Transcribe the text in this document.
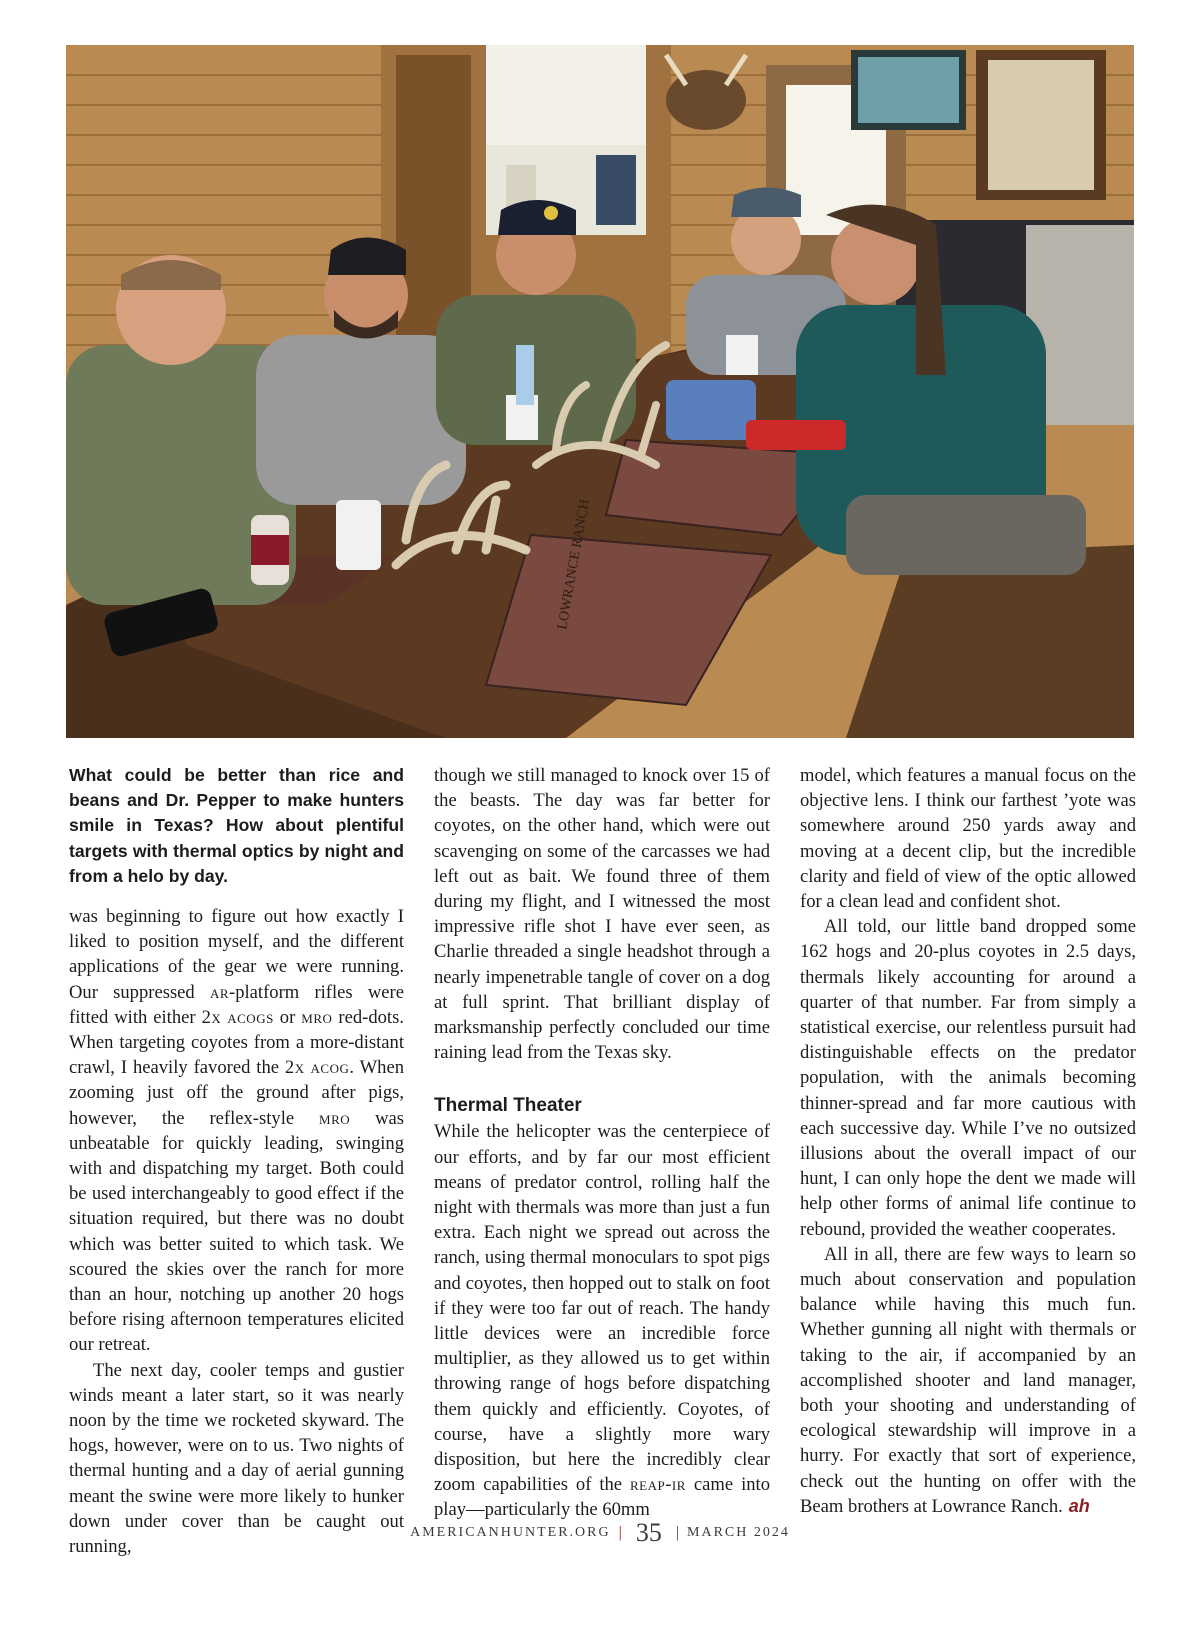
LOWRANCE RANCH

What could be better than rice and beans and Dr. Pepper to make hunters smile in Texas? How about plentiful targets with thermal optics by night and from a helo by day.

was beginning to figure out how exactly I liked to position myself, and the different applications of the gear we were running. Our suppressed ar-platform rifles were fitted with either 2x acogs or mro red-dots. When targeting coyotes from a more-distant crawl, I heavily favored the 2x acog. When zooming just off the ground after pigs, however, the reflex-style mro was unbeatable for quickly leading, swinging with and dispatching my target. Both could be used interchangeably to good effect if the situation required, but there was no doubt which was better suited to which task. We scoured the skies over the ranch for more than an hour, notching up another 20 hogs before rising afternoon temperatures elicited our retreat.

The next day, cooler temps and gustier winds meant a later start, so it was nearly noon by the time we rocketed skyward. The hogs, however, were on to us. Two nights of thermal hunting and a day of aerial gunning meant the swine were more likely to hunker down under cover than be caught out running,

though we still managed to knock over 15 of the beasts. The day was far better for coyotes, on the other hand, which were out scavenging on some of the carcasses we had left out as bait. We found three of them during my flight, and I witnessed the most impressive rifle shot I have ever seen, as Charlie threaded a single headshot through a nearly impenetrable tangle of cover on a dog at full sprint. That brilliant display of marksmanship perfectly concluded our time raining lead from the Texas sky.

Thermal Theater

While the helicopter was the centerpiece of our efforts, and by far our most efficient means of predator control, rolling half the night with thermals was more than just a fun extra. Each night we spread out across the ranch, using thermal monoculars to spot pigs and coyotes, then hopped out to stalk on foot if they were too far out of reach. The handy little devices were an incredible force multiplier, as they allowed us to get within throwing range of hogs before dispatching them quickly and efficiently. Coyotes, of course, have a slightly more wary disposition, but here the incredibly clear zoom capabilities of the reap-ir came into play—particularly the 60mm

model, which features a manual focus on the objective lens. I think our farthest ’yote was somewhere around 250 yards away and moving at a decent clip, but the incredible clarity and field of view of the optic allowed for a clean lead and confident shot.

All told, our little band dropped some 162 hogs and 20-plus coyotes in 2.5 days, thermals likely accounting for around a quarter of that number. Far from simply a statistical exercise, our relentless pursuit had distinguishable effects on the predator population, with the animals becoming thinner-spread and far more cautious with each successive day. While I’ve no outsized illusions about the overall impact of our hunt, I can only hope the dent we made will help other forms of animal life continue to rebound, provided the weather cooperates.

All in all, there are few ways to learn so much about conservation and population balance while having this much fun. Whether gunning all night with thermals or taking to the air, if accompanied by an accomplished shooter and land manager, both your shooting and understanding of ecological stewardship will improve in a hurry. For exactly that sort of experience, check out the hunting on offer with the Beam brothers at Lowrance Ranch. ah

AMERICANHUNTER.ORG | 35 | MARCH 2024
